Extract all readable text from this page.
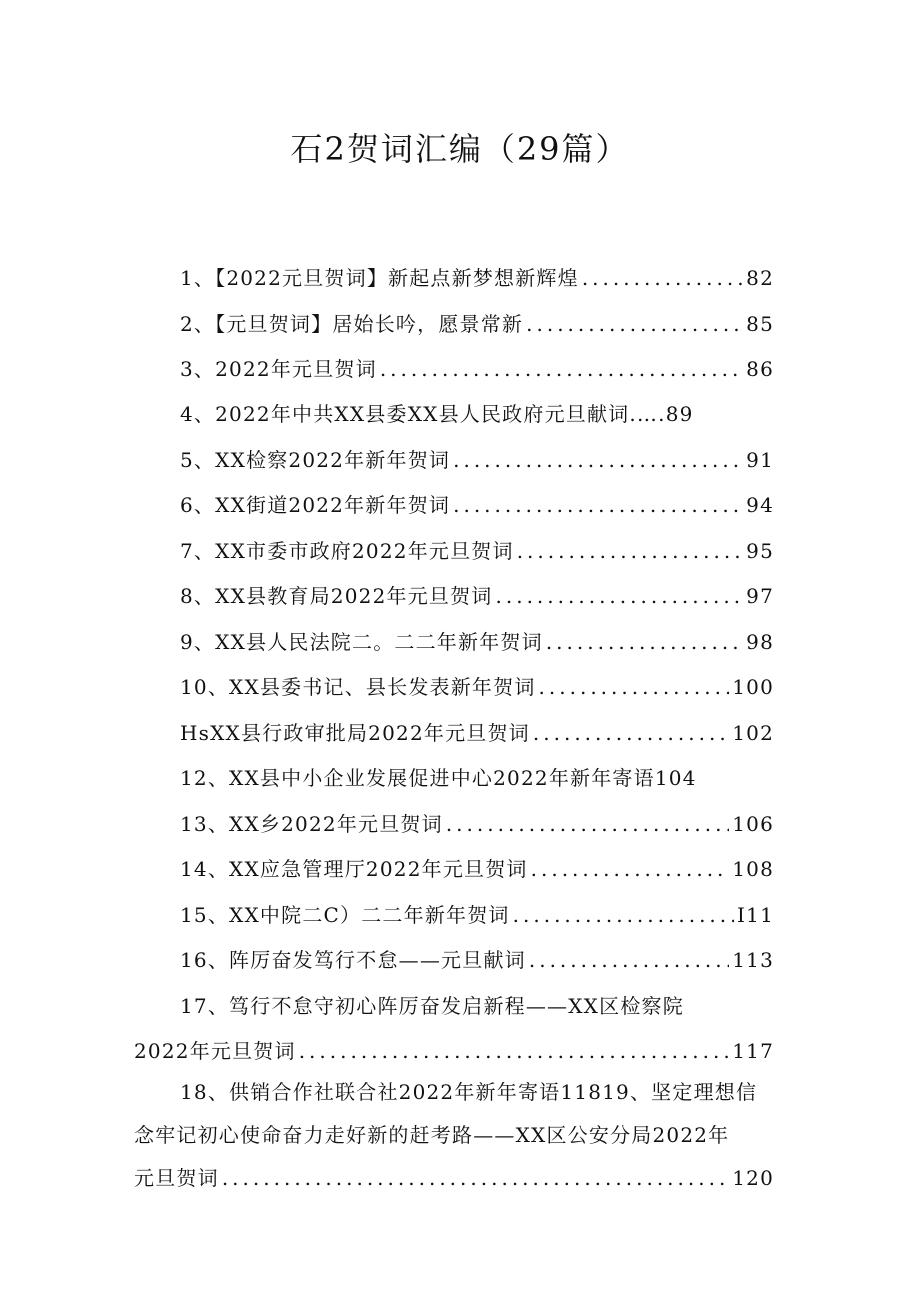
石2贺词汇编（29篇）
1、【2022元旦贺词】新起点新梦想新辉煌 .....	82
2、【元旦贺词】居始长吟，愿景常新 .....	85
3、2022年元旦贺词 .....	86
4、2022年中共XX县委XX县人民政府元旦献词.… .89
5、XX检察2022年新年贺词 .....	91
6、XX街道2022年新年贺词 .....	94
7、XX市委市政府2022年元旦贺词 .....	95
8、XX县教育局2022年元旦贺词 .....	97
9、XX县人民法院二。二二年新年贺词 .....	98
10、XX县委书记、县长发表新年贺词 .....	100
HsXX县行政审批局2022年元旦贺词 .....	102
12、XX县中小企业发展促进中心2022年新年寄语104
13、XX乡2022年元旦贺词 .....	106
14、XX应急管理厅2022年元旦贺词 .....	108
15、XX中院二C）二二年新年贺词 .....	I11
16、阵厉奋发笃行不怠——元旦献词 .....	113
17、笃行不怠守初心阵厉奋发启新程——XX区检察院
2022年元旦贺词 .....	117
18、供销合作社联合社2022年新年寄语11819、坚定理想信
念牢记初心使命奋力走好新的赶考路——XX区公安分局2022年
元旦贺词 .....	120
